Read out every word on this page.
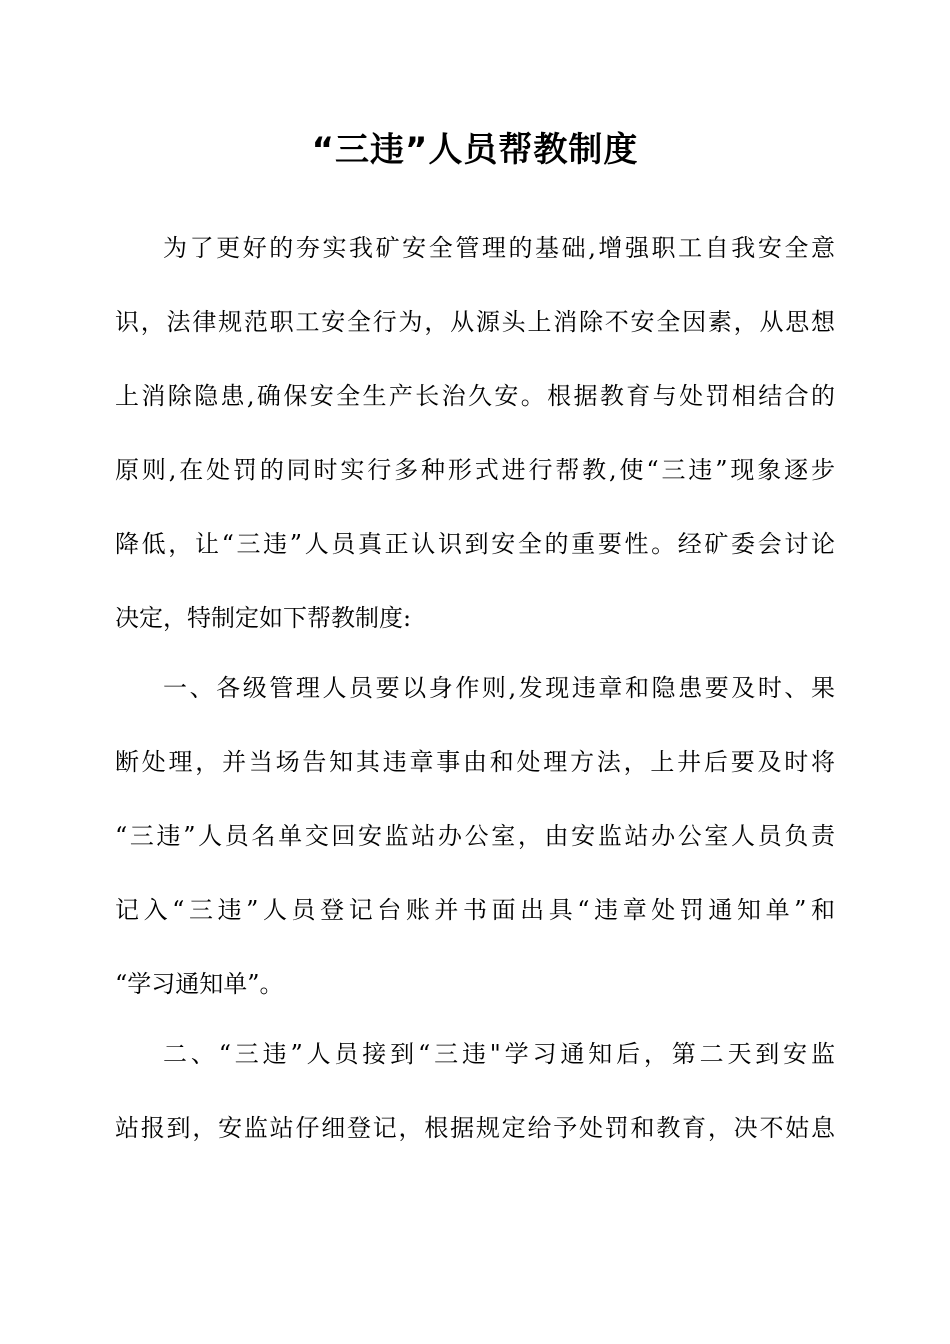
“三违”人员帮教制度
为了更好的夯实我矿安全管理的基础,增强职工自我安全意
识，法律规范职工安全行为，从源头上消除不安全因素，从思想
上消除隐患,确保安全生产长治久安。根据教育与处罚相结合的
原则,在处罚的同时实行多种形式进行帮教,使“三违”现象逐步
降低，让“三违”人员真正认识到安全的重要性。经矿委会讨论
决定，特制定如下帮教制度:
一、各级管理人员要以身作则,发现违章和隐患要及时、果
断处理，并当场告知其违章事由和处理方法，上井后要及时将
“三违”人员名单交回安监站办公室，由安监站办公室人员负责
记入“三违”人员登记台账并书面出具“违章处罚通知单”和
“学习通知单”。
二、“三违”人员接到“三违"学习通知后，第二天到安监
站报到，安监站仔细登记，根据规定给予处罚和教育，决不姑息
